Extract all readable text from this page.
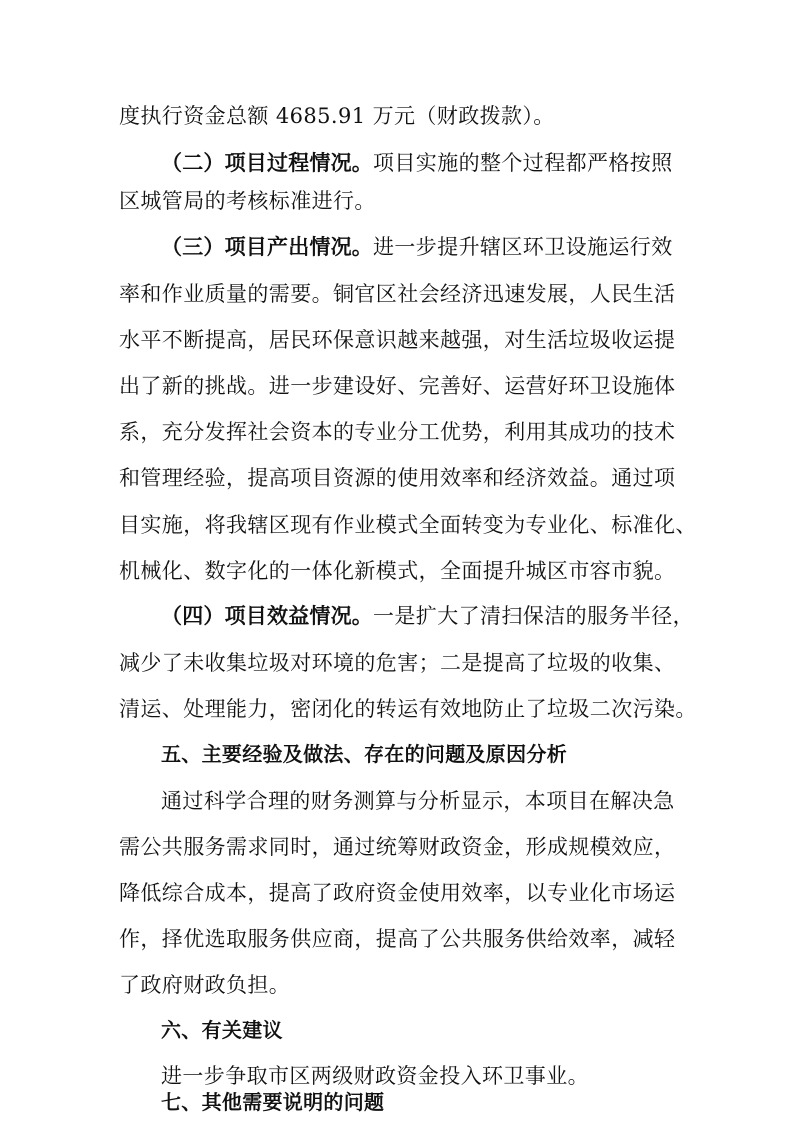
度执行资金总额 4685.91 万元（财政拨款）。
（二）项目过程情况。项目实施的整个过程都严格按照
区城管局的考核标准进行。
（三）项目产出情况。进一步提升辖区环卫设施运行效
率和作业质量的需要。铜官区社会经济迅速发展，人民生活
水平不断提高，居民环保意识越来越强，对生活垃圾收运提
出了新的挑战。进一步建设好、完善好、运营好环卫设施体
系，充分发挥社会资本的专业分工优势，利用其成功的技术
和管理经验，提高项目资源的使用效率和经济效益。通过项
目实施，将我辖区现有作业模式全面转变为专业化、标准化、
机械化、数字化的一体化新模式，全面提升城区市容市貌。
（四）项目效益情况。一是扩大了清扫保洁的服务半径，
减少了未收集垃圾对环境的危害；二是提高了垃圾的收集、
清运、处理能力，密闭化的转运有效地防止了垃圾二次污染。
五、主要经验及做法、存在的问题及原因分析
通过科学合理的财务测算与分析显示，本项目在解决急
需公共服务需求同时，通过统筹财政资金，形成规模效应，
降低综合成本，提高了政府资金使用效率，以专业化市场运
作，择优选取服务供应商，提高了公共服务供给效率，减轻
了政府财政负担。
六、有关建议
进一步争取市区两级财政资金投入环卫事业。
七、其他需要说明的问题
